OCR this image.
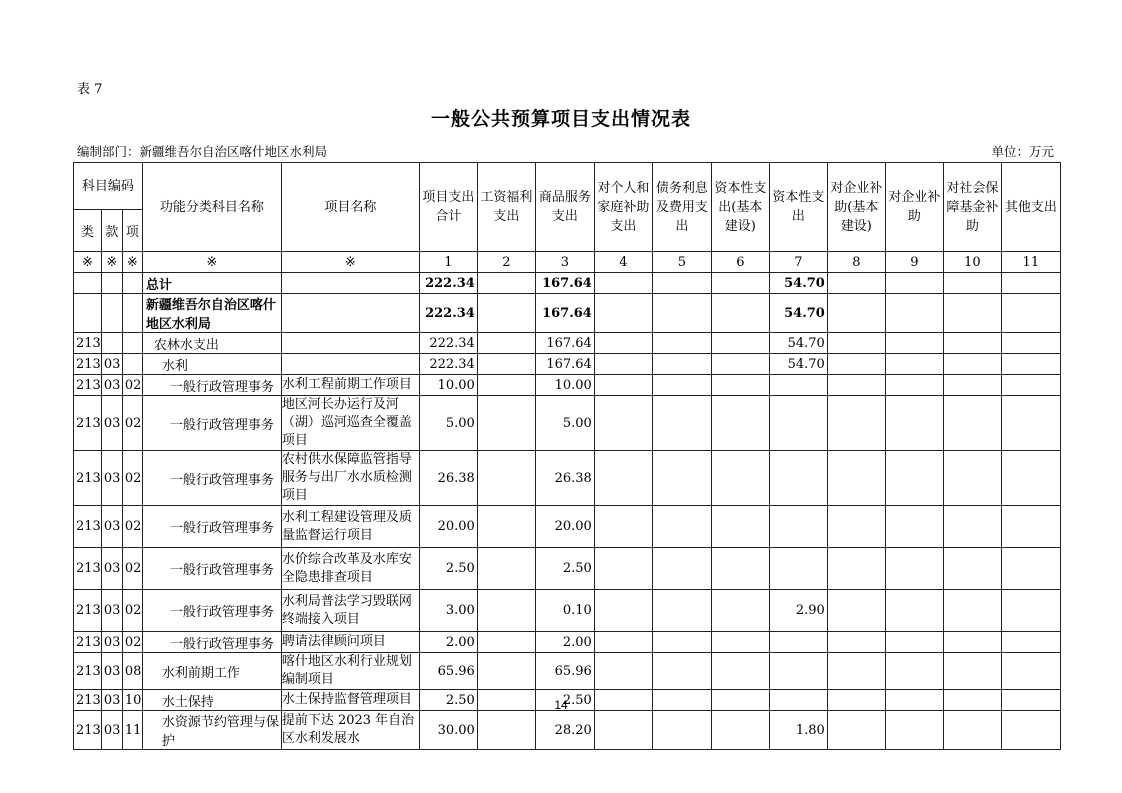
表 7
一般公共预算项目支出情况表
编制部门：新疆维吾尔自治区喀什地区水利局	单位：万元
科目编码			功能分类科目名称	项目名称	项目支出合计	工资福利支出	商品服务支出	对个人和家庭补助支出	债务利息及费用支出	资本性支出(基本建设)	资本性支出	对企业补助(基本建设)	对企业补助	对社会保障基金补助	其他支出
类	款	项													
※	※	※	※	※	1	2	3	4	5	6	7	8	9	10	11
			总计		222.34		167.64				54.70				
			新疆维吾尔自治区喀什地区水利局		222.34		167.64				54.70				
213			农林水支出		222.34		167.64				54.70				
213	03		水利		222.34		167.64				54.70				
213	03	02	一般行政管理事务	水利工程前期工作项目	10.00		10.00								
213	03	02	一般行政管理事务	地区河长办运行及河（湖）巡河巡查全覆盖项目	5.00		5.00								
213	03	02	一般行政管理事务	农村供水保障监管指导服务与出厂水水质检测项目	26.38		26.38								
213	03	02	一般行政管理事务	水利工程建设管理及质量监督运行项目	20.00		20.00								
213	03	02	一般行政管理事务	水价综合改革及水库安全隐患排查项目	2.50		2.50								
213	03	02	一般行政管理事务	水利局普法学习毁联网终端接入项目	3.00		0.10				2.90				
213	03	02	一般行政管理事务	聘请法律顾问项目	2.00		2.00								
213	03	08	水利前期工作	喀什地区水利行业规划编制项目	65.96		65.96								
213	03	10	水土保持	水土保持监督管理项目	2.50		2.50								
213	03	11	水资源节约管理与保护	提前下达 2023 年自治区水利发展水	30.00		28.20				1.80				
14
